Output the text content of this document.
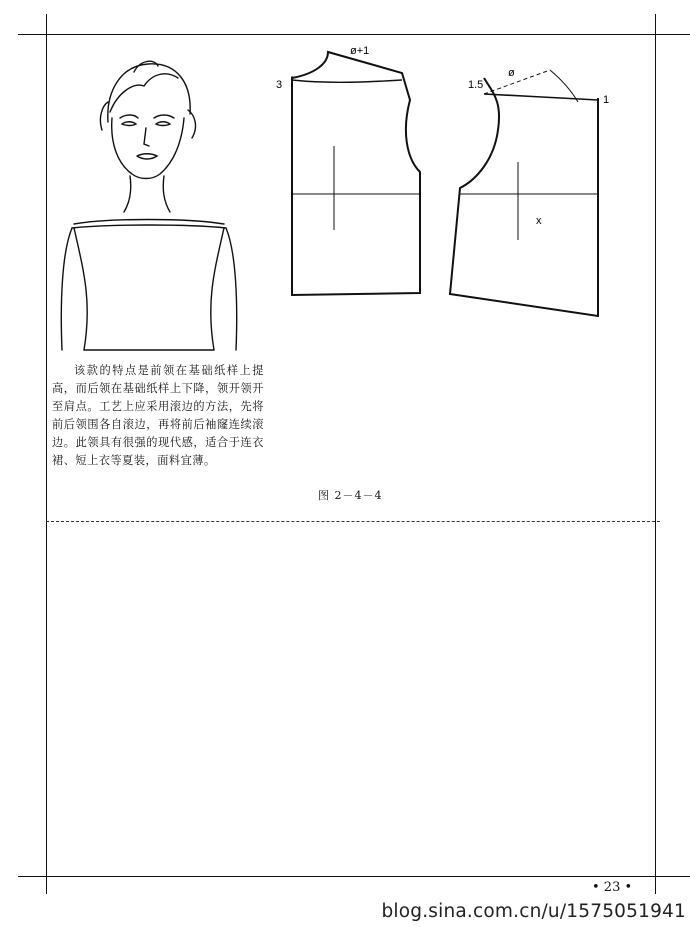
ø+1
3	1.5
ø
1
x
该款的特点是前领在基础纸样上提高，而后领在基础纸样上下降，领开领开至肩点。工艺上应采用滚边的方法，先将前后领围各自滚边，再将前后袖窿连续滚边。此领具有很强的现代感，适合于连衣裙、短上衣等夏装，面料宜薄。
图 2－4－4
• 23 •
blog.sina.com.cn/u/1575051941
